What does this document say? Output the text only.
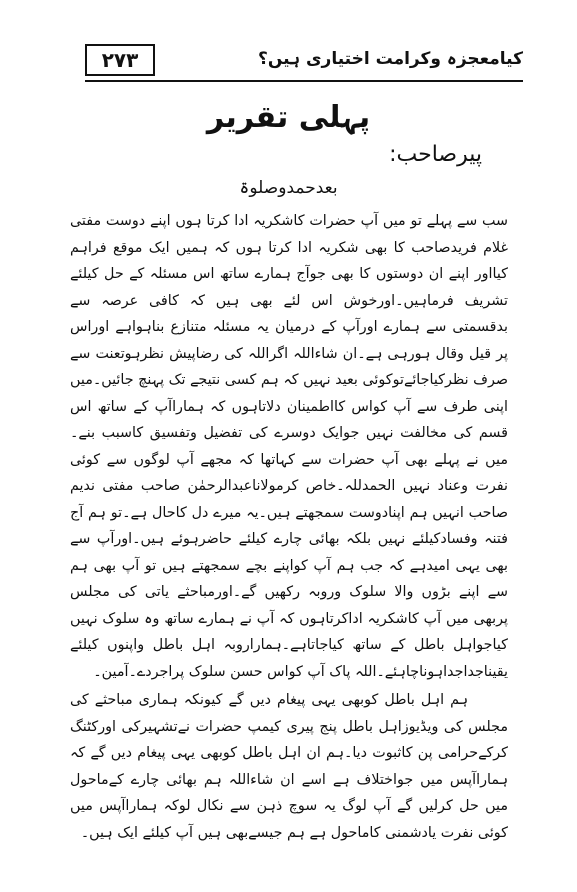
۲۷۳	کیامعجزہ وکرامت اختیاری ہیں؟
پہلی تقریر
پیرصاحب:
بعدحمدوصلوۃ

سب سے پہلے تو میں آپ حضرات کاشکریہ ادا کرتا ہوں اپنے دوست مفتی غلام فریدصاحب کا بھی شکریہ ادا کرتا ہوں کہ ہمیں ایک موقع فراہم کیااور اپنے ان دوستوں کا بھی جوآج ہمارے ساتھ اس مسئلہ کے حل کیلئے تشریف فرماہیں۔اورخوش اس لئے بھی ہیں کہ کافی عرصہ سے بدقسمتی سے ہمارے اورآپ کے درمیان یہ مسئلہ متنازع بناہواہے اوراس پر قیل وقال ہورہی ہے۔ان شاءاللہ اگراللہ کی رضاپیش نظرہوتعنت سے صرف نظرکیاجائےتوکوئی بعید نہیں کہ ہم کسی نتیجے تک پہنچ جائیں۔میں اپنی طرف سے آپ کواس کااطمینان دلاتاہوں کہ ہماراآپ کے ساتھ اس قسم کی مخالفت نہیں جوایک دوسرے کی تفضیل وتفسیق کاسبب بنے۔میں نے پہلے بھی آپ حضرات سے کہاتھا کہ مجھے آپ لوگوں سے کوئی نفرت وعناد نہیں الحمدللہ۔خاص کرمولاناعبدالرحمٰن صاحب مفتی ندیم صاحب انہیں ہم اپنادوست سمجھتے ہیں۔یہ میرے دل کاحال ہے۔تو ہم آج فتنہ وفسادکیلئے نہیں بلکہ بھائی چارے کیلئے حاضرہوئے ہیں۔اورآپ سے بھی یہی امیدہے کہ جب ہم آپ کواپنے بچے سمجھتے ہیں تو آپ بھی ہم سے اپنے بڑوں والا سلوک وروبہ رکھیں گے۔اورمباحثے یاتی کی مجلس پربھی میں آپ کاشکریہ اداکرتاہوں کہ آپ نے ہمارے ساتھ وہ سلوک نہیں کیاجواہل باطل کے ساتھ کیاجاتاہے۔ہماراروبہ اہل باطل واپنوں کیلئے یقیناجداجداہوناچاہئے۔اللہ پاک آپ کواس حسن سلوک پراجردے۔آمین۔

ہم اہل باطل کوبھی یہی پیغام دیں گے کیونکہ ہماری مباحثے کی مجلس کی ویڈیوزاہل باطل پنج پیری کیمپ حضرات نےتشہیرکی اورکٹنگ کرکےحرامی پن کاثبوت دیا۔ہم ان اہل باطل کوبھی یہی پیغام دیں گے کہ ہماراآپس میں جواختلاف ہے اسے ان شاءاللہ ہم بھائی چارے کےماحول میں حل کرلیں گے آپ لوگ یہ سوچ ذہن سے نکال لوکہ ہماراآپس میں کوئی نفرت یادشمنی کاماحول ہے ہم جیسےبھی ہیں آپ کیلئے ایک ہیں۔
